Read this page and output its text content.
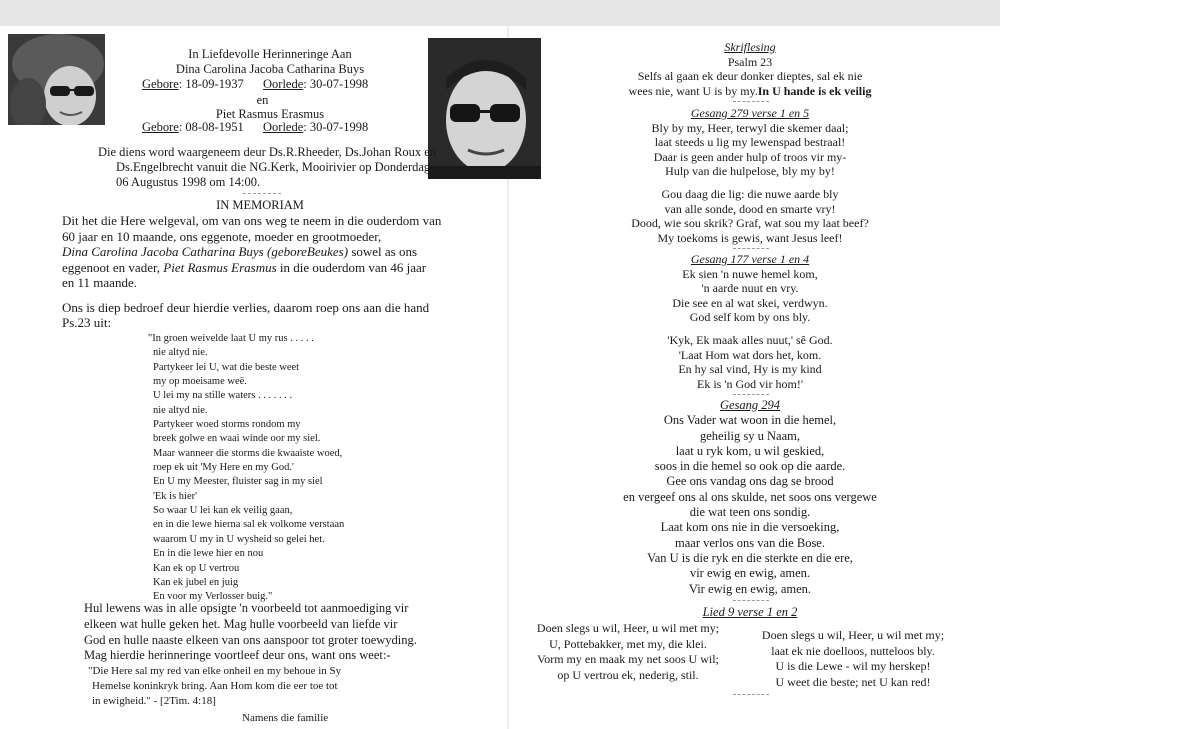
In Liefdevolle Herinneringe Aan
Dina Carolina Jacoba Catharina Buys
Gebore: 18-09-1937 Oorlede: 30-07-1998
en
Piet Rasmus Erasmus
Gebore: 08-08-1951 Oorlede: 30-07-1998
Die diens word waargeneem deur Ds.R.Rheeder, Ds.Johan Roux en
Ds.Engelbrecht vanuit die NG.Kerk, Mooirivier op Donderdag
06 Augustus 1998 om 14:00.
IN MEMORIAM
Dit het die Here welgeval, om van ons weg te neem in die ouderdom van
60 jaar en 10 maande, ons eggenote, moeder en grootmoeder,
Dina Carolina Jacoba Catharina Buys (geboreBeukes) sowel as ons
eggenoot en vader, Piet Rasmus Erasmus in die ouderdom van 46 jaar
en 11 maande.
Ons is diep bedroef deur hierdie verlies, daarom roep ons aan die hand
Ps.23 uit:
"In groen weivelde laat U my rus . . . . .
nie altyd nie.
Partykeer lei U, wat die beste weet
my op moeisame weë.
U lei my na stille waters . . . . . . .
nie altyd nie.
Partykeer woed storms rondom my
breek golwe en waai winde oor my siel.
Maar wanneer die storms die kwaaiste woed,
roep ek uit 'My Here en my God.'
En U my Meester, fluister sag in my siel
'Ek is hier'
So waar U lei kan ek veilig gaan,
en in die lewe hierna sal ek volkome verstaan
waarom U my in U wysheid so gelei het.
En in die lewe hier en nou
Kan ek op U vertrou
Kan ek jubel en juig
En voor my Verlosser buig."
Hul lewens was in alle opsigte 'n voorbeeld tot aanmoediging vir
elkeen wat hulle geken het. Mag hulle voorbeeld van liefde vir
God en hulle naaste elkeen van ons aanspoor tot groter toewyding.
Mag hierdie herinneringe voortleef deur ons, want ons weet:-
"Die Here sal my red van elke onheil en my behoue in Sy
Hemelse koninkryk bring. Aan Hom kom die eer toe tot
in ewigheid." - [2Tim. 4:18]
Namens die familie
Skriflesing
Psalm 23
Selfs al gaan ek deur donker dieptes, sal ek nie
wees nie, want U is by my.In U hande is ek veilig
Gesang 279 verse 1 en 5
Bly by my, Heer, terwyl die skemer daal;
laat steeds u lig my lewenspad bestraal!
Daar is geen ander hulp of troos vir my-
Hulp van die hulpelose, bly my by!
Gou daag die lig: die nuwe aarde bly
van alle sonde, dood en smarte vry!
Dood, wie sou skrik? Graf, wat sou my laat beef?
My toekoms is gewis, want Jesus leef!
Gesang 177 verse 1 en 4
Ek sien 'n nuwe hemel kom,
'n aarde nuut en vry.
Die see en al wat skei, verdwyn.
God self kom by ons bly.
'Kyk, Ek maak alles nuut,' sê God.
'Laat Hom wat dors het, kom.
En hy sal vind, Hy is my kind
Ek is 'n God vir hom!'
Gesang 294
Ons Vader wat woon in die hemel,
geheilig sy u Naam,
laat u ryk kom, u wil geskied,
soos in die hemel so ook op die aarde.
Gee ons vandag ons dag se brood
en vergeef ons al ons skulde, net soos ons vergewe
die wat teen ons sondig.
Laat kom ons nie in die versoeking,
maar verlos ons van die Bose.
Van U is die ryk en die sterkte en die ere,
vir ewig en ewig, amen.
Vir ewig en ewig, amen.
Lied 9 verse 1 en 2
Doen slegs u wil, Heer, u wil met my;
U, Pottebakker, met my, die klei.
Vorm my en maak my net soos U wil;
op U vertrou ek, nederig, stil.
Doen slegs u wil, Heer, u wil met my;
laat ek nie doelloos, nutteloos bly.
U is die Lewe - wil my herskep!
U weet die beste; net U kan red!
